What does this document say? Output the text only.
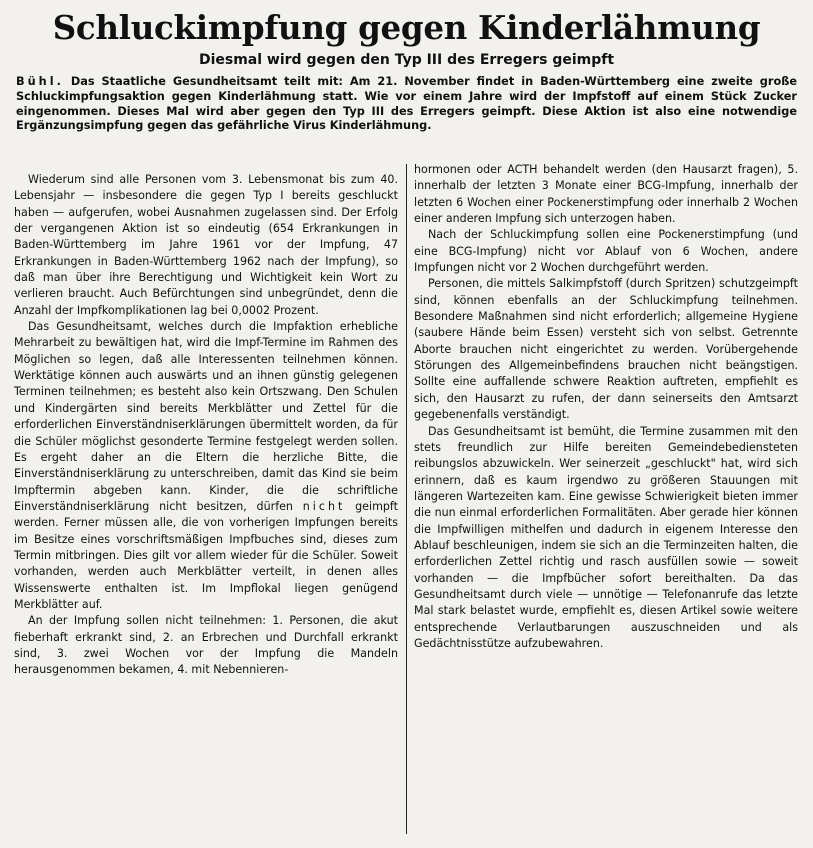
Schluckimpfung gegen Kinderlähmung
Diesmal wird gegen den Typ III des Erregers geimpft

Bühl. Das Staatliche Gesundheitsamt teilt mit: Am 21. November findet in Baden-Württemberg eine zweite große Schluckimpfungsaktion gegen Kinderlähmung statt. Wie vor einem Jahre wird der Impfstoff auf einem Stück Zucker eingenommen. Dieses Mal wird aber gegen den Typ III des Erregers geimpft. Diese Aktion ist also eine notwendige Ergänzungsimpfung gegen das gefährliche Virus Kinderlähmung.

Wiederum sind alle Personen vom 3. Lebensmonat bis zum 40. Lebensjahr — insbesondere die gegen Typ I bereits geschluckt haben — aufgerufen, wobei Ausnahmen zugelassen sind. Der Erfolg der vergangenen Aktion ist so eindeutig (654 Erkrankungen in Baden-Württemberg im Jahre 1961 vor der Impfung, 47 Erkrankungen in Baden-Württemberg 1962 nach der Impfung), so daß man über ihre Berechtigung und Wichtigkeit kein Wort zu verlieren braucht. Auch Befürchtungen sind unbegründet, denn die Anzahl der Impfkomplikationen lag bei 0,0002 Prozent.

Das Gesundheitsamt, welches durch die Impfaktion erhebliche Mehrarbeit zu bewältigen hat, wird die Impf-Termine im Rahmen des Möglichen so legen, daß alle Interessenten teilnehmen können. Werktätige können auch auswärts und an ihnen günstig gelegenen Terminen teilnehmen; es besteht also kein Ortszwang. Den Schulen und Kindergärten sind bereits Merkblätter und Zettel für die erforderlichen Einverständniserklärungen übermittelt worden, da für die Schüler möglichst gesonderte Termine festgelegt werden sollen. Es ergeht daher an die Eltern die herzliche Bitte, die Einverständniserklärung zu unterschreiben, damit das Kind sie beim Impftermin abgeben kann. Kinder, die die schriftliche Einverständniserklärung nicht besitzen, dürfen nicht geimpft werden. Ferner müssen alle, die von vorherigen Impfungen bereits im Besitze eines vorschriftsmäßigen Impfbuches sind, dieses zum Termin mitbringen. Dies gilt vor allem wieder für die Schüler. Soweit vorhanden, werden auch Merkblätter verteilt, in denen alles Wissenswerte enthalten ist. Im Impflokal liegen genügend Merkblätter auf.

An der Impfung sollen nicht teilnehmen: 1. Personen, die akut fieberhaft erkrankt sind, 2. an Erbrechen und Durchfall erkrankt sind, 3. zwei Wochen vor der Impfung die Mandeln herausgenommen bekamen, 4. mit Nebennieren-

hormonen oder ACTH behandelt werden (den Hausarzt fragen), 5. innerhalb der letzten 3 Monate einer BCG-Impfung, innerhalb der letzten 6 Wochen einer Pockenerstimpfung oder innerhalb 2 Wochen einer anderen Impfung sich unterzogen haben.

Nach der Schluckimpfung sollen eine Pockenerstimpfung (und eine BCG-Impfung) nicht vor Ablauf von 6 Wochen, andere Impfungen nicht vor 2 Wochen durchgeführt werden.

Personen, die mittels Salkimpfstoff (durch Spritzen) schutzgeimpft sind, können ebenfalls an der Schluckimpfung teilnehmen. Besondere Maßnahmen sind nicht erforderlich; allgemeine Hygiene (saubere Hände beim Essen) versteht sich von selbst. Getrennte Aborte brauchen nicht eingerichtet zu werden. Vorübergehende Störungen des Allgemeinbefindens brauchen nicht beängstigen. Sollte eine auffallende schwere Reaktion auftreten, empfiehlt es sich, den Hausarzt zu rufen, der dann seinerseits den Amtsarzt gegebenenfalls verständigt.

Das Gesundheitsamt ist bemüht, die Termine zusammen mit den stets freundlich zur Hilfe bereiten Gemeindebediensteten reibungslos abzuwickeln. Wer seinerzeit „geschluckt" hat, wird sich erinnern, daß es kaum irgendwo zu größeren Stauungen mit längeren Wartezeiten kam. Eine gewisse Schwierigkeit bieten immer die nun einmal erforderlichen Formalitäten. Aber gerade hier können die Impfwilligen mithelfen und dadurch in eigenem Interesse den Ablauf beschleunigen, indem sie sich an die Terminzeiten halten, die erforderlichen Zettel richtig und rasch ausfüllen sowie — soweit vorhanden — die Impfbücher sofort bereithalten. Da das Gesundheitsamt durch viele — unnötige — Telefonanrufe das letzte Mal stark belastet wurde, empfiehlt es, diesen Artikel sowie weitere entsprechende Verlautbarungen auszuschneiden und als Gedächtnisstütze aufzubewahren.
